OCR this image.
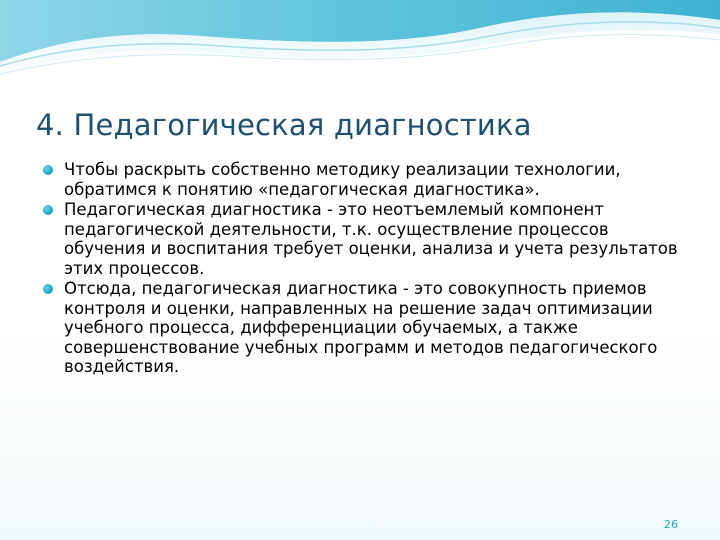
4. Педагогическая диагностика
Чтобы раскрыть собственно методику реализации технологии, обратимся к понятию «педагогическая диагностика».
Педагогическая диагностика - это неотъемлемый компонент педагогической деятельности, т.к. осуществление процессов обучения и воспитания требует оценки, анализа и учета результатов этих процессов.
Отсюда, педагогическая диагностика - это совокупность приемов контроля и оценки, направленных на решение задач оптимизации учебного процесса, дифференциации обучаемых, а также совершенствование учебных программ и методов педагогического воздействия.
26
